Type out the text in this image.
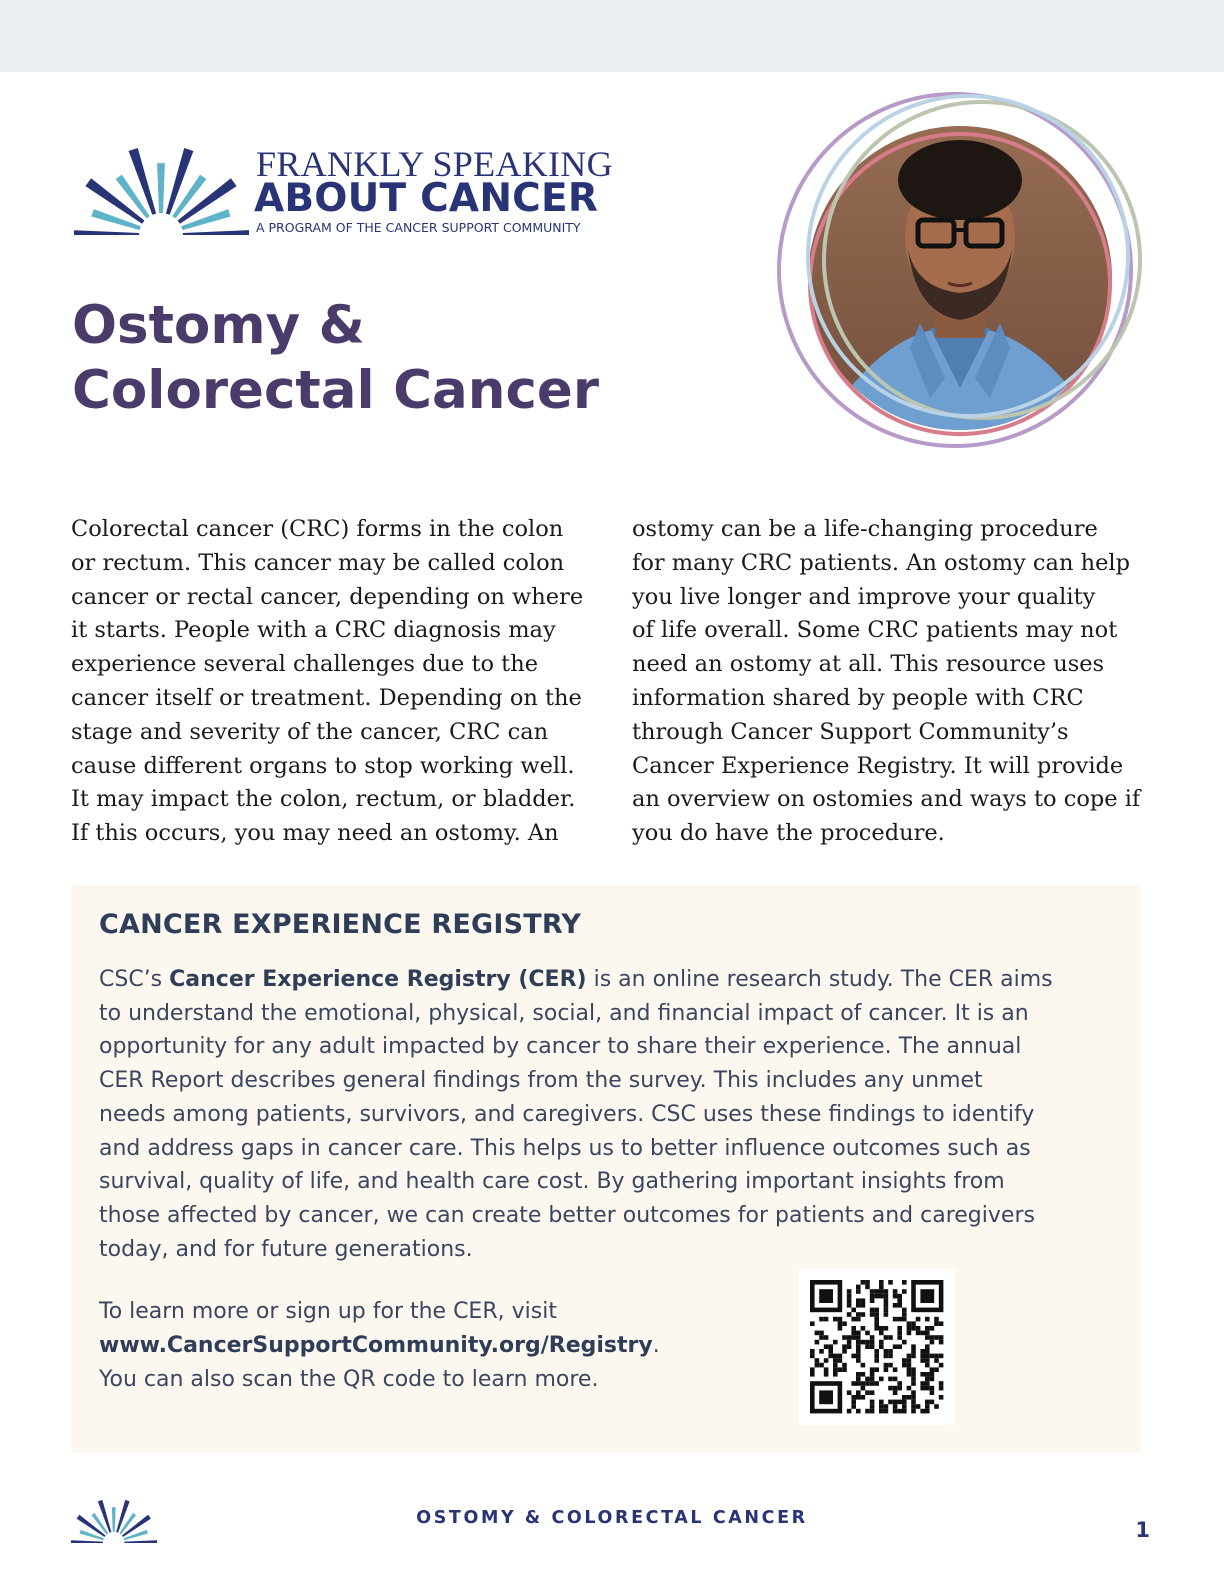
FRANKLY SPEAKING
ABOUT CANCER
A PROGRAM OF THE CANCER SUPPORT COMMUNITY
Ostomy &
Colorectal Cancer

Colorectal cancer (CRC) forms in the colon
or rectum. This cancer may be called colon
cancer or rectal cancer, depending on where
it starts. People with a CRC diagnosis may
experience several challenges due to the
cancer itself or treatment. Depending on the
stage and severity of the cancer, CRC can
cause different organs to stop working well.
It may impact the colon, rectum, or bladder.
If this occurs, you may need an ostomy. An

ostomy can be a life-changing procedure
for many CRC patients. An ostomy can help
you live longer and improve your quality
of life overall. Some CRC patients may not
need an ostomy at all. This resource uses
information shared by people with CRC
through Cancer Support Community’s
Cancer Experience Registry. It will provide
an overview on ostomies and ways to cope if
you do have the procedure.

CANCER EXPERIENCE REGISTRY

CSC’s Cancer Experience Registry (CER) is an online research study. The CER aims
to understand the emotional, physical, social, and financial impact of cancer. It is an
opportunity for any adult impacted by cancer to share their experience. The annual
CER Report describes general findings from the survey. This includes any unmet
needs among patients, survivors, and caregivers. CSC uses these findings to identify
and address gaps in cancer care. This helps us to better influence outcomes such as
survival, quality of life, and health care cost. By gathering important insights from
those affected by cancer, we can create better outcomes for patients and caregivers
today, and for future generations.

To learn more or sign up for the CER, visit
www.CancerSupportCommunity.org/Registry.
You can also scan the QR code to learn more.

OSTOMY & COLORECTAL CANCER	1
